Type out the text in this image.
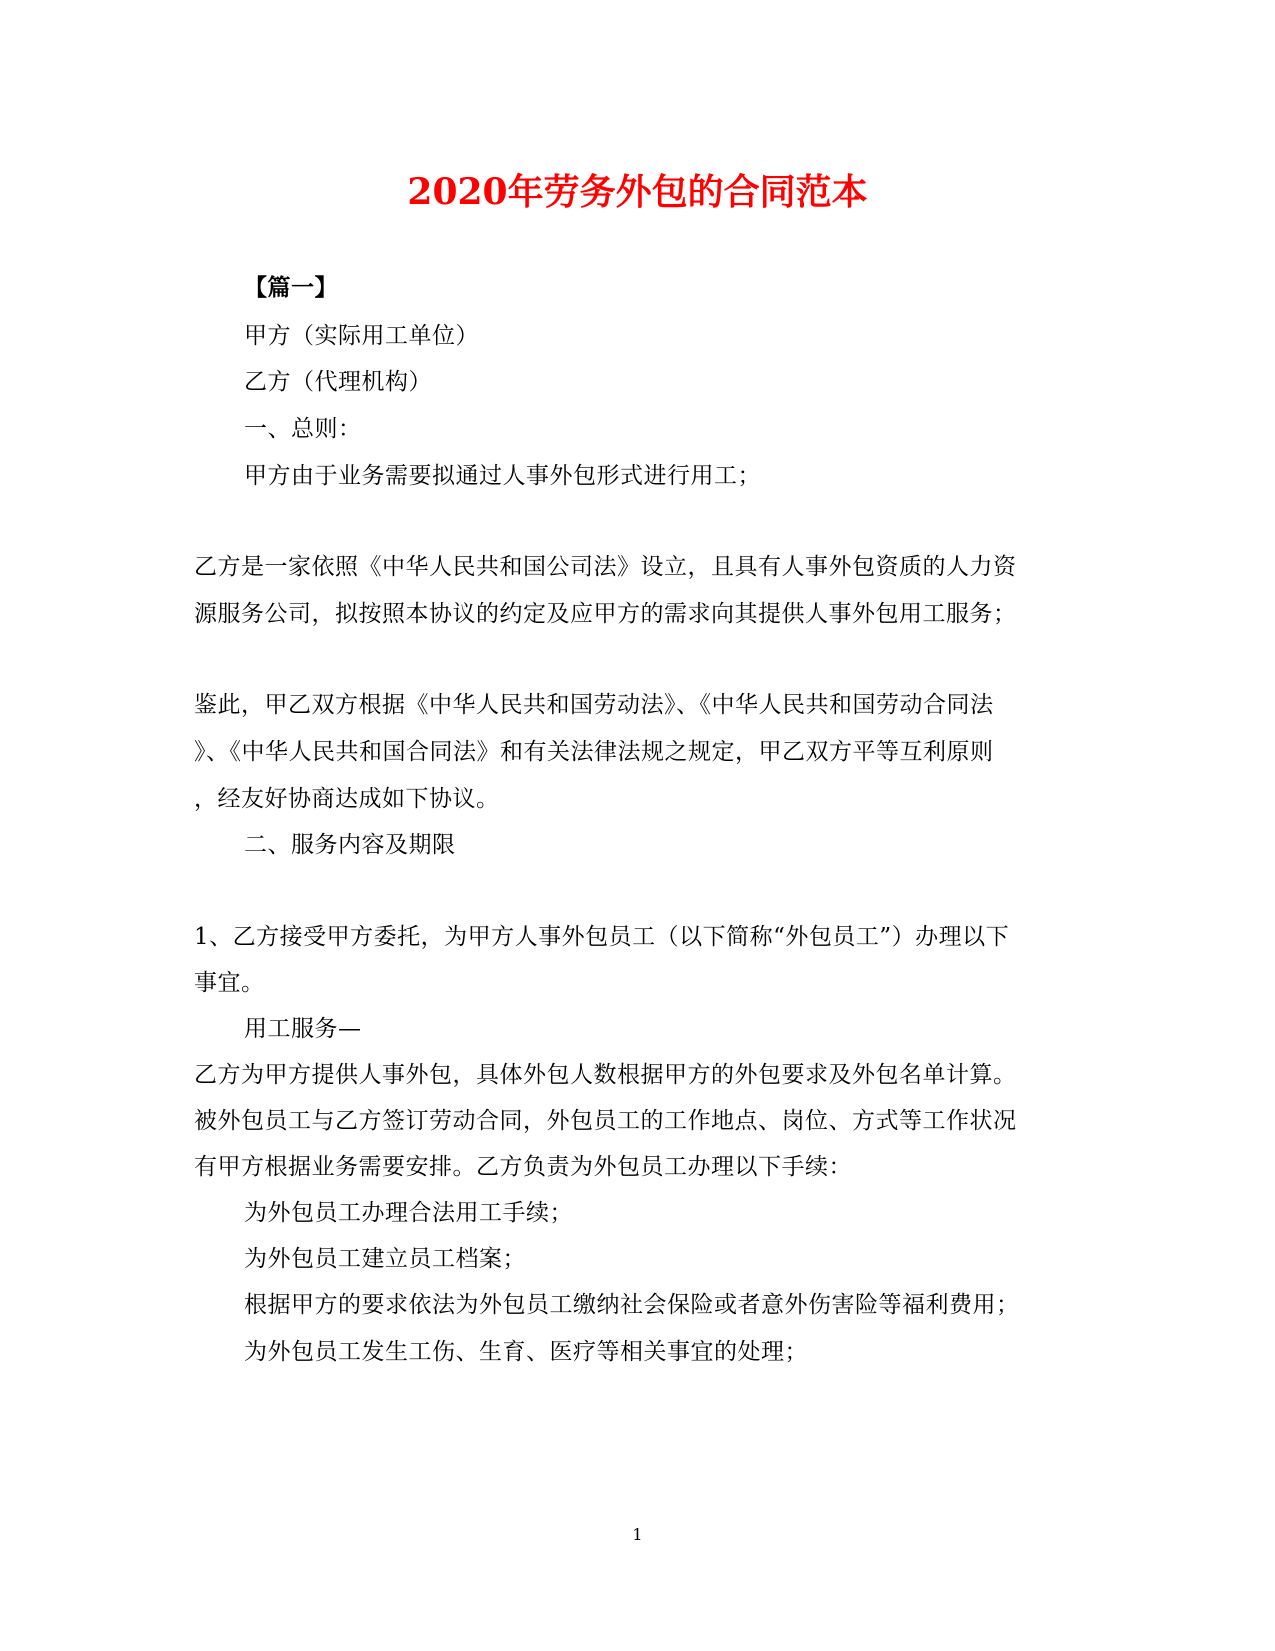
2020年劳务外包的合同范本
【篇一】
甲方（实际用工单位）
乙方（代理机构）
一、总则：
甲方由于业务需要拟通过人事外包形式进行用工；
乙方是一家依照《中华人民共和国公司法》设立，且具有人事外包资质的人力资
源服务公司，拟按照本协议的约定及应甲方的需求向其提供人事外包用工服务；
鉴此，甲乙双方根据《中华人民共和国劳动法》、《中华人民共和国劳动合同法
》、《中华人民共和国合同法》和有关法律法规之规定，甲乙双方平等互利原则
，经友好协商达成如下协议。
二、服务内容及期限
1、乙方接受甲方委托，为甲方人事外包员工（以下简称“外包员工”）办理以下
事宜。
用工服务—
乙方为甲方提供人事外包，具体外包人数根据甲方的外包要求及外包名单计算。
被外包员工与乙方签订劳动合同，外包员工的工作地点、岗位、方式等工作状况
有甲方根据业务需要安排。乙方负责为外包员工办理以下手续：
为外包员工办理合法用工手续；
为外包员工建立员工档案；
根据甲方的要求依法为外包员工缴纳社会保险或者意外伤害险等福利费用；
为外包员工发生工伤、生育、医疗等相关事宜的处理；
1
